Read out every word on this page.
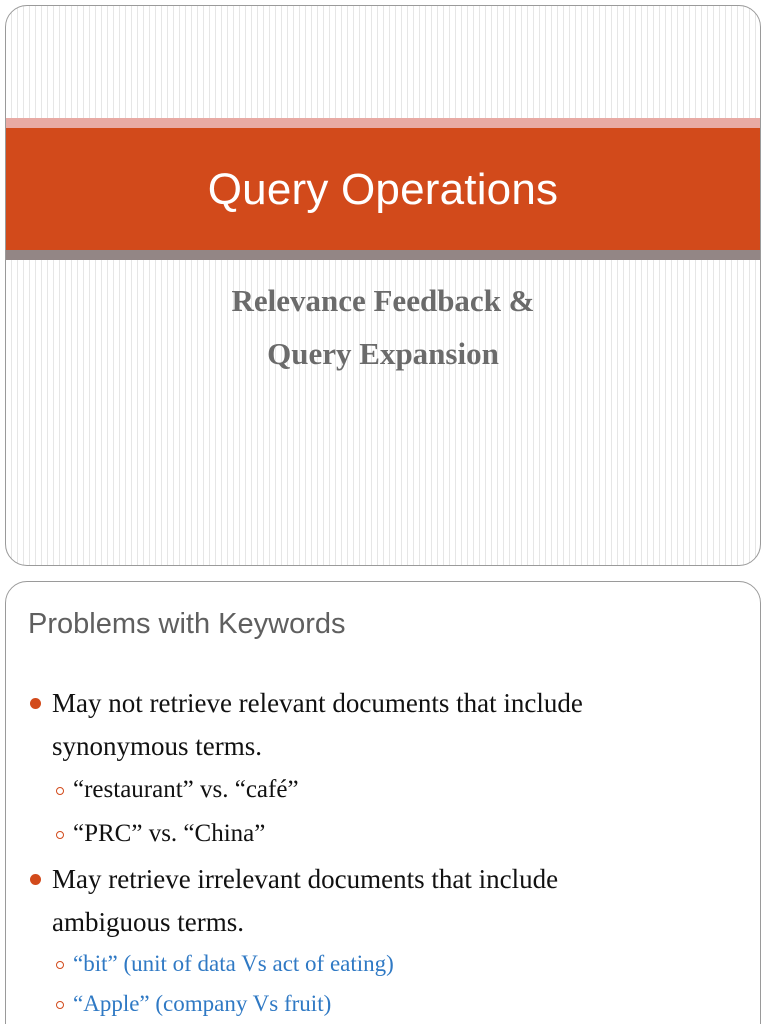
Query Operations
Relevance Feedback &
Query Expansion
Problems with Keywords
May not retrieve relevant documents that include
synonymous terms.
“restaurant” vs. “café”
“PRC” vs. “China”
May retrieve irrelevant documents that include
ambiguous terms.
“bit” (unit of data Vs act of eating)
“Apple” (company Vs fruit)
